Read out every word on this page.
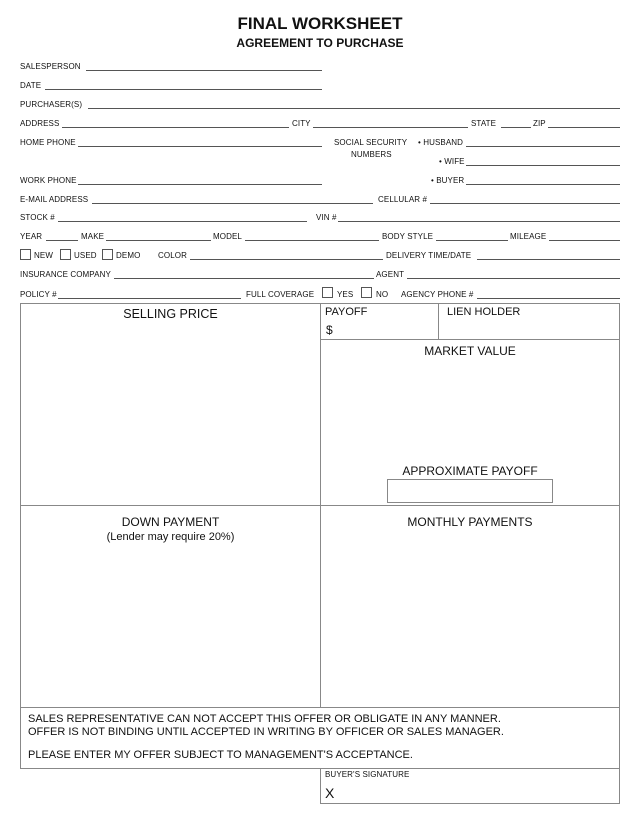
FINAL WORKSHEET
AGREEMENT TO PURCHASE
SALESPERSON
DATE
PURCHASER(S)
ADDRESS	CITY	STATE	ZIP
HOME PHONE	SOCIAL SECURITY
NUMBERS
• HUSBAND
• WIFE
WORK PHONE	• BUYER
E-MAIL ADDRESS	CELLULAR #
STOCK #	VIN #
YEAR	MAKE	MODEL	BODY STYLE	MILEAGE
NEW	USED DEMO COLOR	DELIVERY TIME/DATE
INSURANCE COMPANY	AGENT
POLICY #	FULL COVERAGE	YES	NO AGENCY PHONE #
SELLING PRICE	PAYOFF
$
LIEN HOLDER
MARKET VALUE
APPROXIMATE PAYOFF
DOWN PAYMENT
(Lender may require 20%)
MONTHLY PAYMENTS
SALES REPRESENTATIVE CAN NOT ACCEPT THIS OFFER OR OBLIGATE IN ANY MANNER.
OFFER IS NOT BINDING UNTIL ACCEPTED IN WRITING BY OFFICER OR SALES MANAGER.
PLEASE ENTER MY OFFER SUBJECT TO MANAGEMENT'S ACCEPTANCE.
BUYER'S SIGNATURE
X
